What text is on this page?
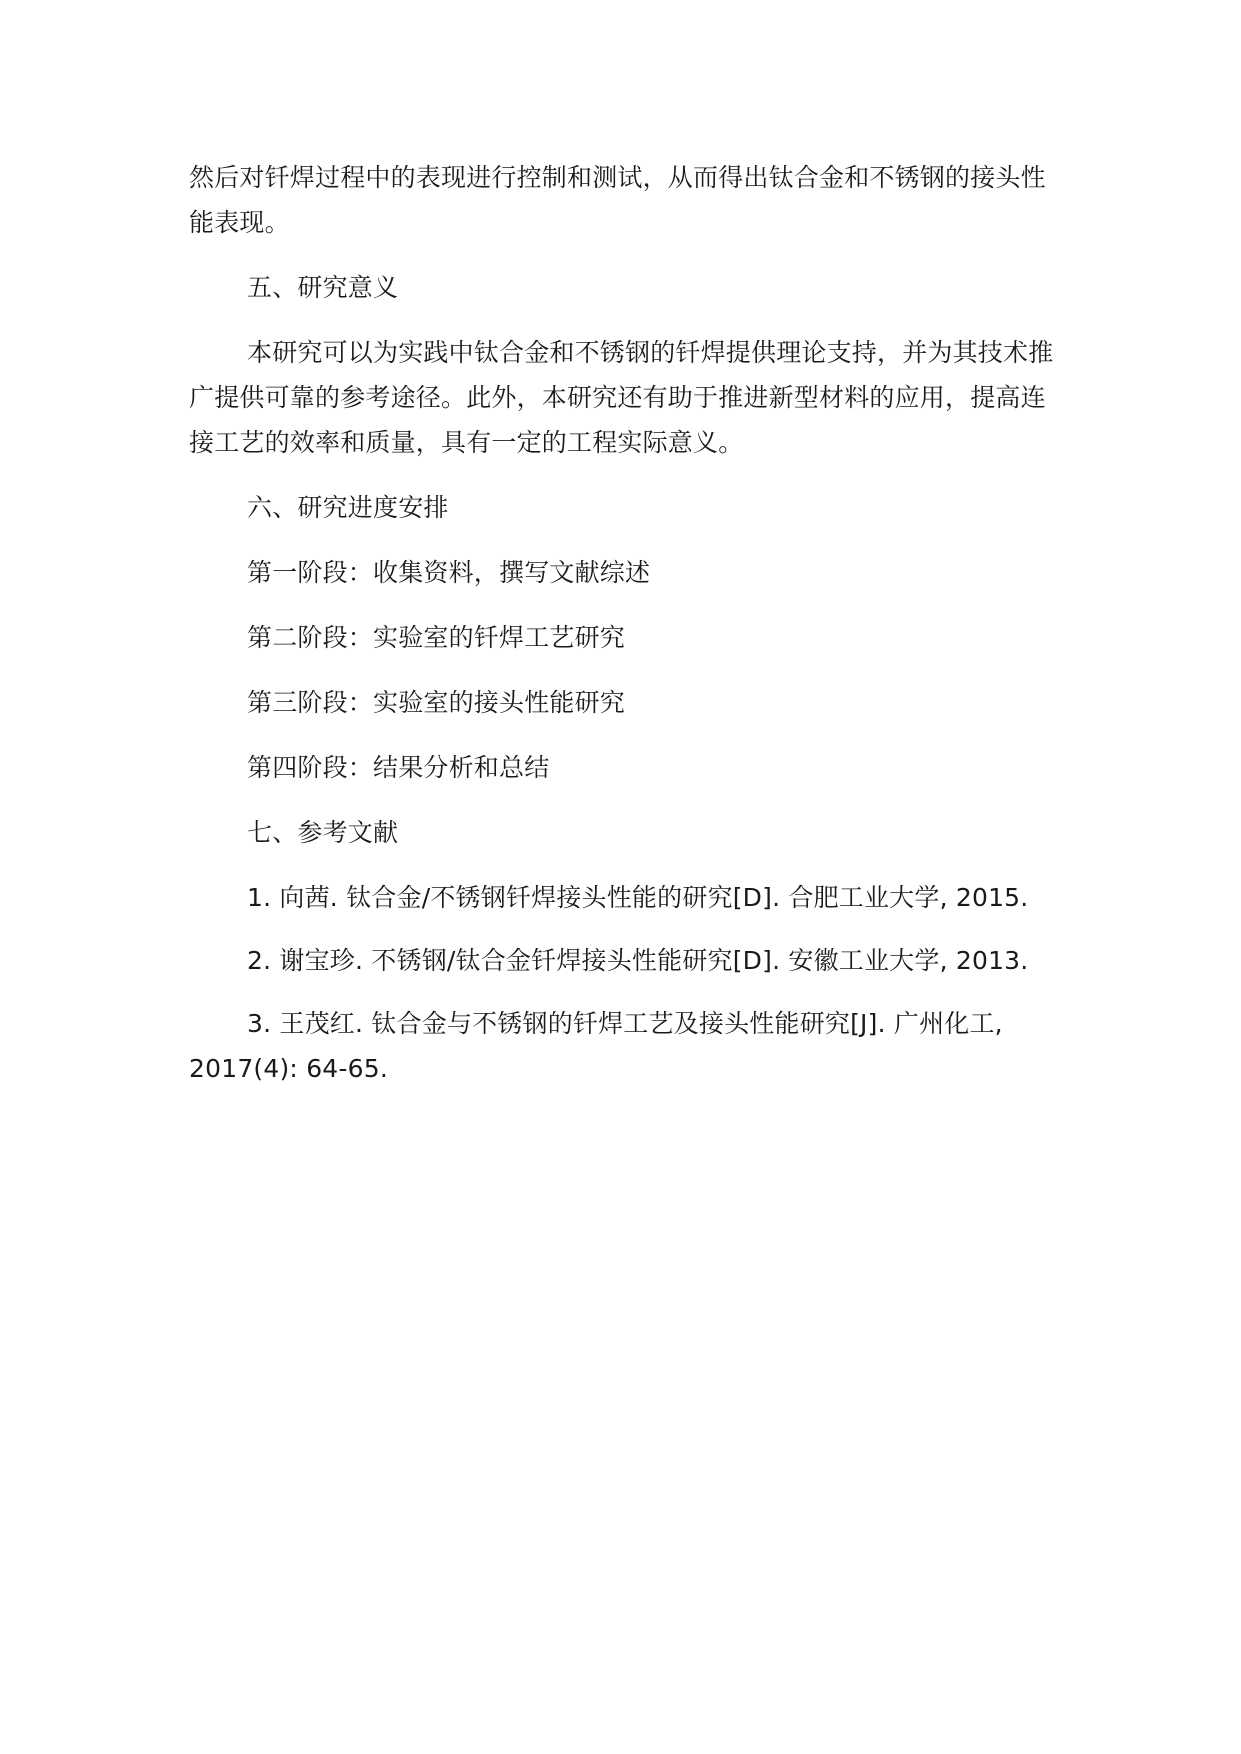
然后对钎焊过程中的表现进行控制和测试，从而得出钛合金和不锈钢的接头性能表现。

五、研究意义

本研究可以为实践中钛合金和不锈钢的钎焊提供理论支持，并为其技术推广提供可靠的参考途径。此外，本研究还有助于推进新型材料的应用，提高连接工艺的效率和质量，具有一定的工程实际意义。

六、研究进度安排

第一阶段：收集资料，撰写文献综述

第二阶段：实验室的钎焊工艺研究

第三阶段：实验室的接头性能研究

第四阶段：结果分析和总结

七、参考文献

1. 向茜. 钛合金/不锈钢钎焊接头性能的研究[D]. 合肥工业大学, 2015.

2. 谢宝珍. 不锈钢/钛合金钎焊接头性能研究[D]. 安徽工业大学, 2013.

3. 王茂红. 钛合金与不锈钢的钎焊工艺及接头性能研究[J]. 广州化工, 2017(4): 64-65.
